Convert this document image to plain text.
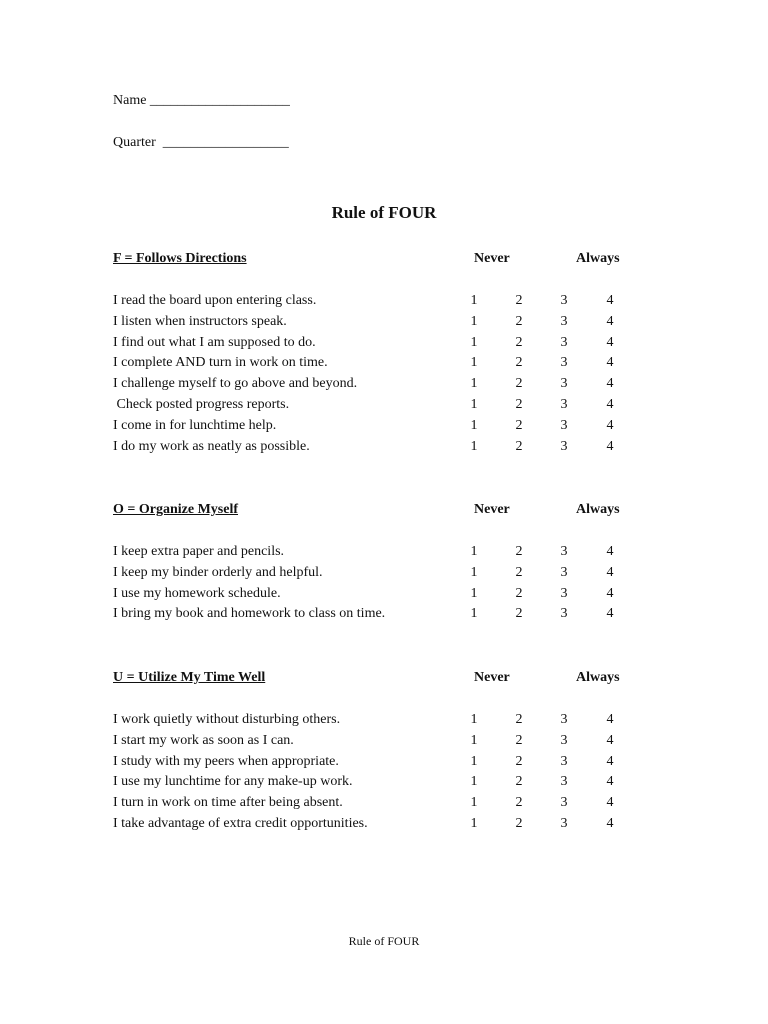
Name ____________________
Quarter  __________________
Rule of FOUR
F = Follows Directions	Never	Always
I read the board upon entering class.	1	2	3	4
I listen when instructors speak.	1	2	3	4
I find out what I am supposed to do.	1	2	3	4
I complete AND turn in work on time.	1	2	3	4
I challenge myself to go above and beyond.	1	2	3	4
Check posted progress reports.	1	2	3	4
I come in for lunchtime help.	1	2	3	4
I do my work as neatly as possible.	1	2	3	4
O = Organize Myself	Never	Always
I keep extra paper and pencils.	1	2	3	4
I keep my binder orderly and helpful.	1	2	3	4
I use my homework schedule.	1	2	3	4
I bring my book and homework to class on time.	1	2	3	4
U = Utilize My Time Well	Never	Always
I work quietly without disturbing others.	1	2	3	4
I start my work as soon as I can.	1	2	3	4
I study with my peers when appropriate.	1	2	3	4
I use my lunchtime for any make-up work.	1	2	3	4
I turn in work on time after being absent.	1	2	3	4
I take advantage of extra credit opportunities.	1	2	3	4
Rule of FOUR
